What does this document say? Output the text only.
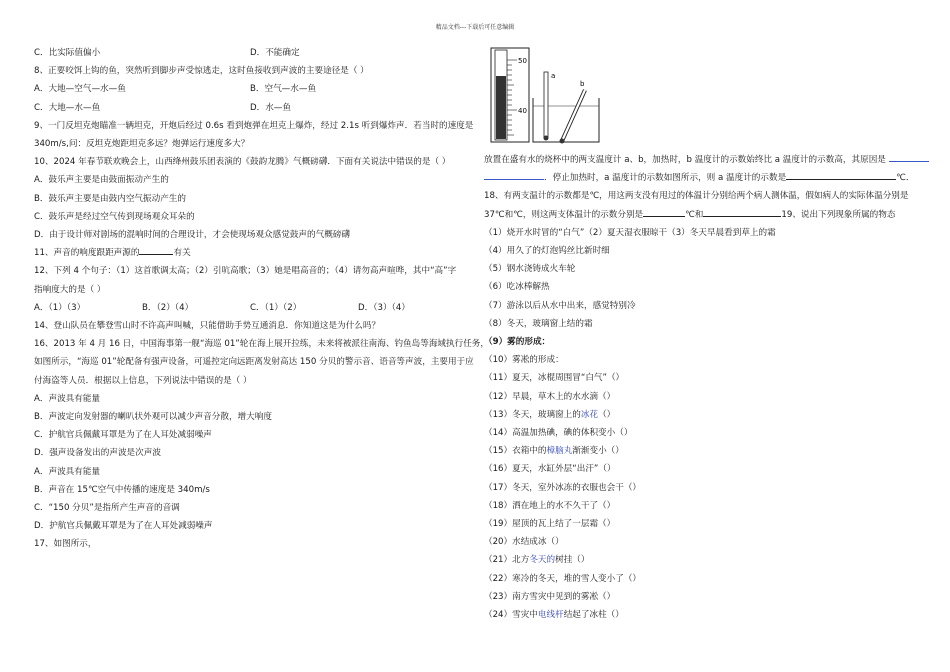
精品文档---下载后可任意编辑
C．比实际值偏小	D．不能确定
8、正要咬饵上钩的鱼，突然听到脚步声受惊逃走，这时鱼接收到声波的主要途径是（ ）
A．大地—空气—水—鱼	B．空气—水—鱼
C．大地—水—鱼	D．水—鱼
9、一门反坦克炮瞄准一辆坦克，开炮后经过 0.6s 看到炮弹在坦克上爆炸，经过 2.1s 听到爆炸声．若当时的速度是
340m/s,问：反坦克炮距坦克多远？炮弹运行速度多大？
10、2024 年春节联欢晚会上，山西绛州鼓乐团表演的《鼓韵龙腾》气概磅礴．下面有关说法中错误的是（ ）
A．鼓乐声主要是由鼓面振动产生的
B．鼓乐声主要是由鼓内空气振动产生的
C．鼓乐声是经过空气传到现场观众耳朵的
D．由于设计师对剧场的混响时间的合理设计，才会使现场观众感觉鼓声的气概磅礴
11、声音的响度跟距声源的	有关
12、下列 4 个句子：（1）这首歌调太高；（2）引吭高歌；（3）她是唱高音的；（4）请勿高声喧哗，其中“高”字
指响度大的是（ ）
A．（1）（3）	B．（2）（4）	C．（1）（2）	D．（3）（4）
14、登山队员在攀登雪山时不许高声叫喊，只能借助手势互通消息．你知道这是为什么吗？
16、2013 年 4 月 16 日，中国海事第一舰“海巡 01”轮在海上展开拉练，未来将被派往南海、钓鱼岛等海域执行任务，
如图所示，“海巡 01”轮配备有强声设备，可遥控定向远距离发射高达 150 分贝的警示音、语音等声波，主要用于应
付海盗等人员．根据以上信息，下列说法中错误的是（ ）
A．声波具有能量
B．声波定向发射器的喇叭状外观可以减少声音分散，增大响度
C．护航官兵佩戴耳罩是为了在人耳处减弱噪声
D．强声设备发出的声波是次声波
A．声波具有能量
B．声音在 15℃空气中传播的速度是 340m/s
C．“150 分贝”是指所产生声音的音调
D．护航官兵佩戴耳罩是为了在人耳处减弱噪声
17、如图所示，
50
40
a
b
放置在盛有水的烧杯中的两支温度计 a、b，加热时，b 温度计的示数始终比 a 温度计的示数高，其原因是
．停止加热时，a 温度计的示数如图所示，则 a 温度计的示数是	℃．
18、有两支温计的示数都是℃，用这两支没有甩过的体温计分别给两个病人测体温，假如病人的实际体温分别是
37℃和℃，则这两支体温计的示数分别是	℃和	19、说出下列现象所属的物态
（1）烧开水时冒的“白气”（2）夏天湿衣服晾干（3）冬天早晨看到草上的霜
（4）用久了的灯泡钨丝比新时细
（5）钢水浇铸成火车轮
（6）吃冰棒解热
（7）游泳以后从水中出来，感觉特别冷
（8）冬天，玻璃窗上结的霜
（9）雾的形成：
（10）雾凇的形成：
（11）夏天，冰棍周围冒“白气”（）
（12）早晨，草木上的水水滴（）
（13）冬天，玻璃窗上的冰花（）
（14）高温加热碘，碘的体积变小（）
（15）衣箱中的樟脑丸渐渐变小（）
（16）夏天，水缸外层“出汗”（）
（17）冬天，室外冰冻的衣服也会干（）
（18）洒在地上的水不久干了（）
（19）屋顶的瓦上结了一层霜（）
（20）水结成冰（）
（21）北方冬天的树挂（）
（22）寒冷的冬天，堆的雪人变小了（）
（23）南方雪灾中见到的雾凇（）
（24）雪灾中电线杆结起了冰柱（）
